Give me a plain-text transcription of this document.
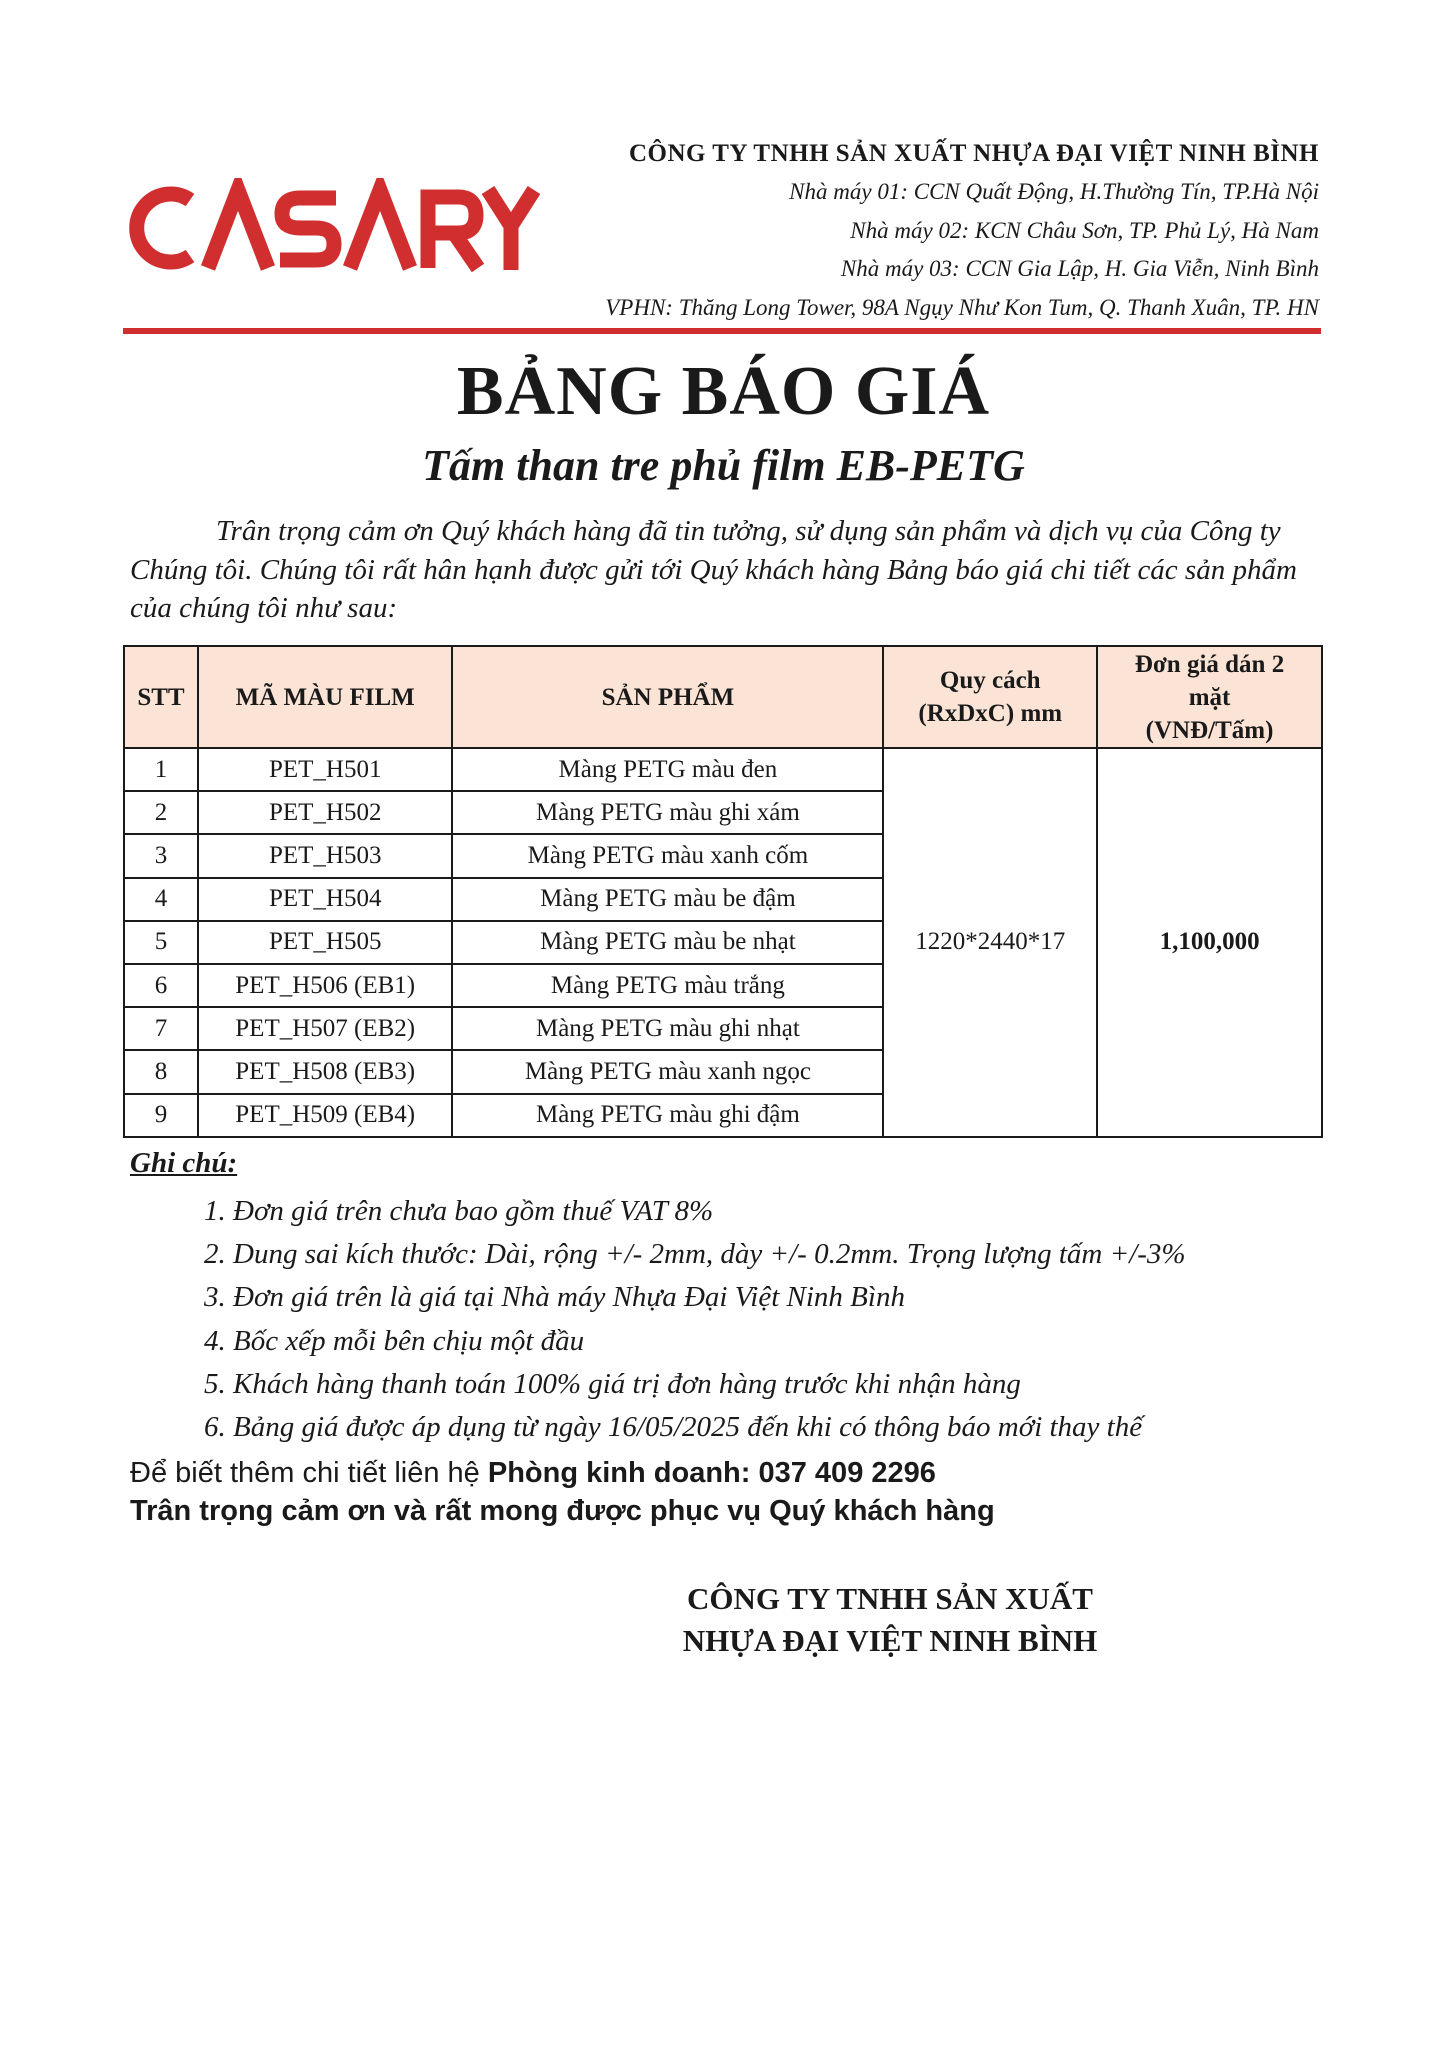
CÔNG TY TNHH SẢN XUẤT NHỰA ĐẠI VIỆT NINH BÌNH
Nhà máy 01: CCN Quất Động, H.Thường Tín, TP.Hà Nội
Nhà máy 02: KCN Châu Sơn, TP. Phủ Lý, Hà Nam
Nhà máy 03: CCN Gia Lập, H. Gia Viễn, Ninh Bình
VPHN: Thăng Long Tower, 98A Ngụy Như Kon Tum, Q. Thanh Xuân, TP. HN
BẢNG BÁO GIÁ
Tấm than tre phủ film EB-PETG
Trân trọng cảm ơn Quý khách hàng đã tin tưởng, sử dụng sản phẩm và dịch vụ của Công ty Chúng tôi. Chúng tôi rất hân hạnh được gửi tới Quý khách hàng Bảng báo giá chi tiết các sản phẩm của chúng tôi như sau:
STT	MÃ MÀU FILM	SẢN PHẨM	Quy cách (RxDxC) mm	Đơn giá dán 2 mặt (VNĐ/Tấm)

1	PET_H501	Màng PETG màu đen	1220*2440*17	1,100,000
2	PET_H502	Màng PETG màu ghi xám		
3	PET_H503	Màng PETG màu xanh cốm		
4	PET_H504	Màng PETG màu be đậm		
5	PET_H505	Màng PETG màu be nhạt		
6	PET_H506 (EB1)	Màng PETG màu trắng		
7	PET_H507 (EB2)	Màng PETG màu ghi nhạt		
8	PET_H508 (EB3)	Màng PETG màu xanh ngọc		
9	PET_H509 (EB4)	Màng PETG màu ghi đậm		
Ghi chú:
1. Đơn giá trên chưa bao gồm thuế VAT 8%
2. Dung sai kích thước: Dài, rộng +/- 2mm, dày +/- 0.2mm. Trọng lượng tấm +/-3%
3. Đơn giá trên là giá tại Nhà máy Nhựa Đại Việt Ninh Bình
4. Bốc xếp mỗi bên chịu một đầu
5. Khách hàng thanh toán 100% giá trị đơn hàng trước khi nhận hàng
6. Bảng giá được áp dụng từ ngày 16/05/2025 đến khi có thông báo mới thay thế
Để biết thêm chi tiết liên hệ Phòng kinh doanh: 037 409 2296
Trân trọng cảm ơn và rất mong được phục vụ Quý khách hàng
CÔNG TY TNHH SẢN XUẤT
NHỰA ĐẠI VIỆT NINH BÌNH
